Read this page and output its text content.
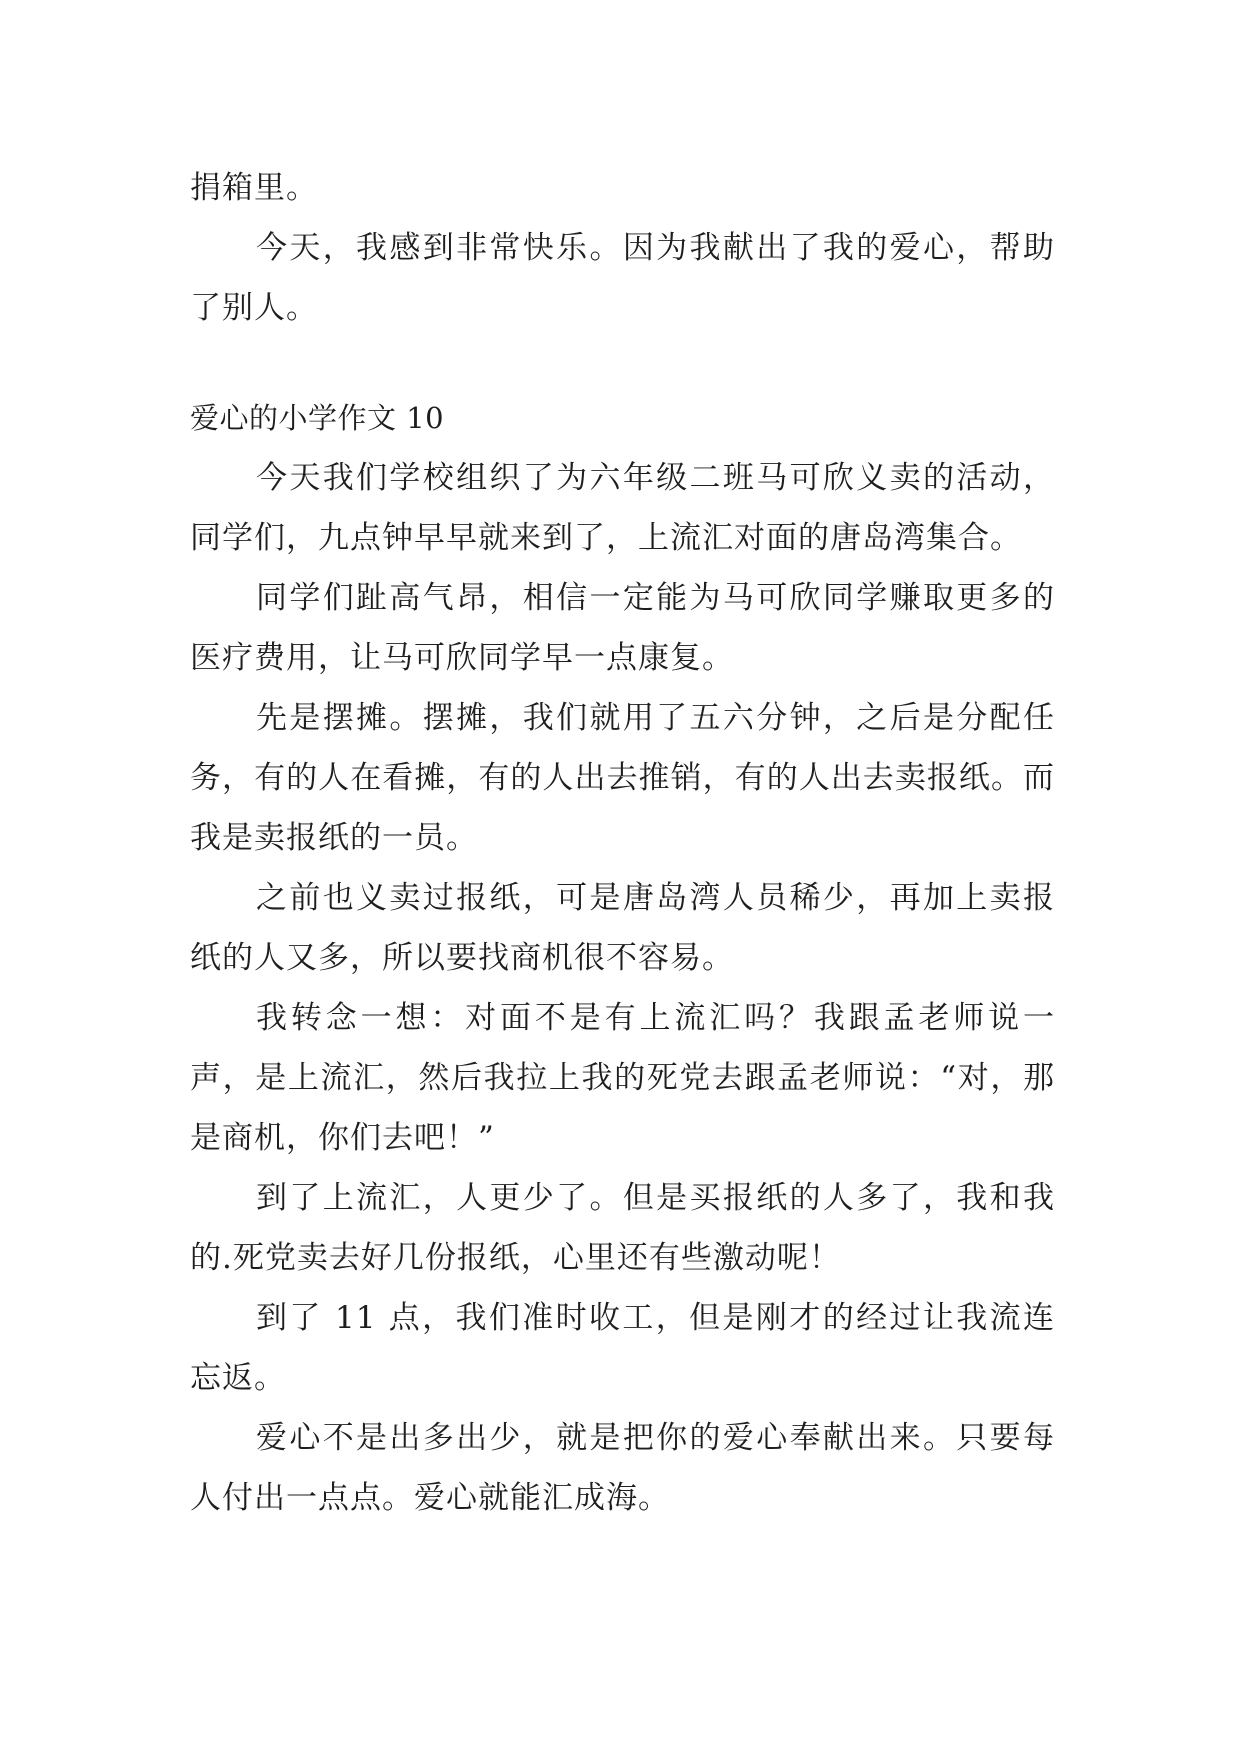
捐箱里。

今天，我感到非常快乐。因为我献出了我的爱心，帮助了别人。

爱心的小学作文 10

今天我们学校组织了为六年级二班马可欣义卖的活动，同学们，九点钟早早就来到了，上流汇对面的唐岛湾集合。

同学们趾高气昂，相信一定能为马可欣同学赚取更多的医疗费用，让马可欣同学早一点康复。

先是摆摊。摆摊，我们就用了五六分钟，之后是分配任务，有的人在看摊，有的人出去推销，有的人出去卖报纸。而我是卖报纸的一员。

之前也义卖过报纸，可是唐岛湾人员稀少，再加上卖报纸的人又多，所以要找商机很不容易。

我转念一想：对面不是有上流汇吗？我跟孟老师说一声，是上流汇，然后我拉上我的死党去跟孟老师说：“对，那是商机，你们去吧！”

到了上流汇，人更少了。但是买报纸的人多了，我和我的.死党卖去好几份报纸，心里还有些激动呢！

到了 11 点，我们准时收工，但是刚才的经过让我流连忘返。

爱心不是出多出少，就是把你的爱心奉献出来。只要每人付出一点点。爱心就能汇成海。
